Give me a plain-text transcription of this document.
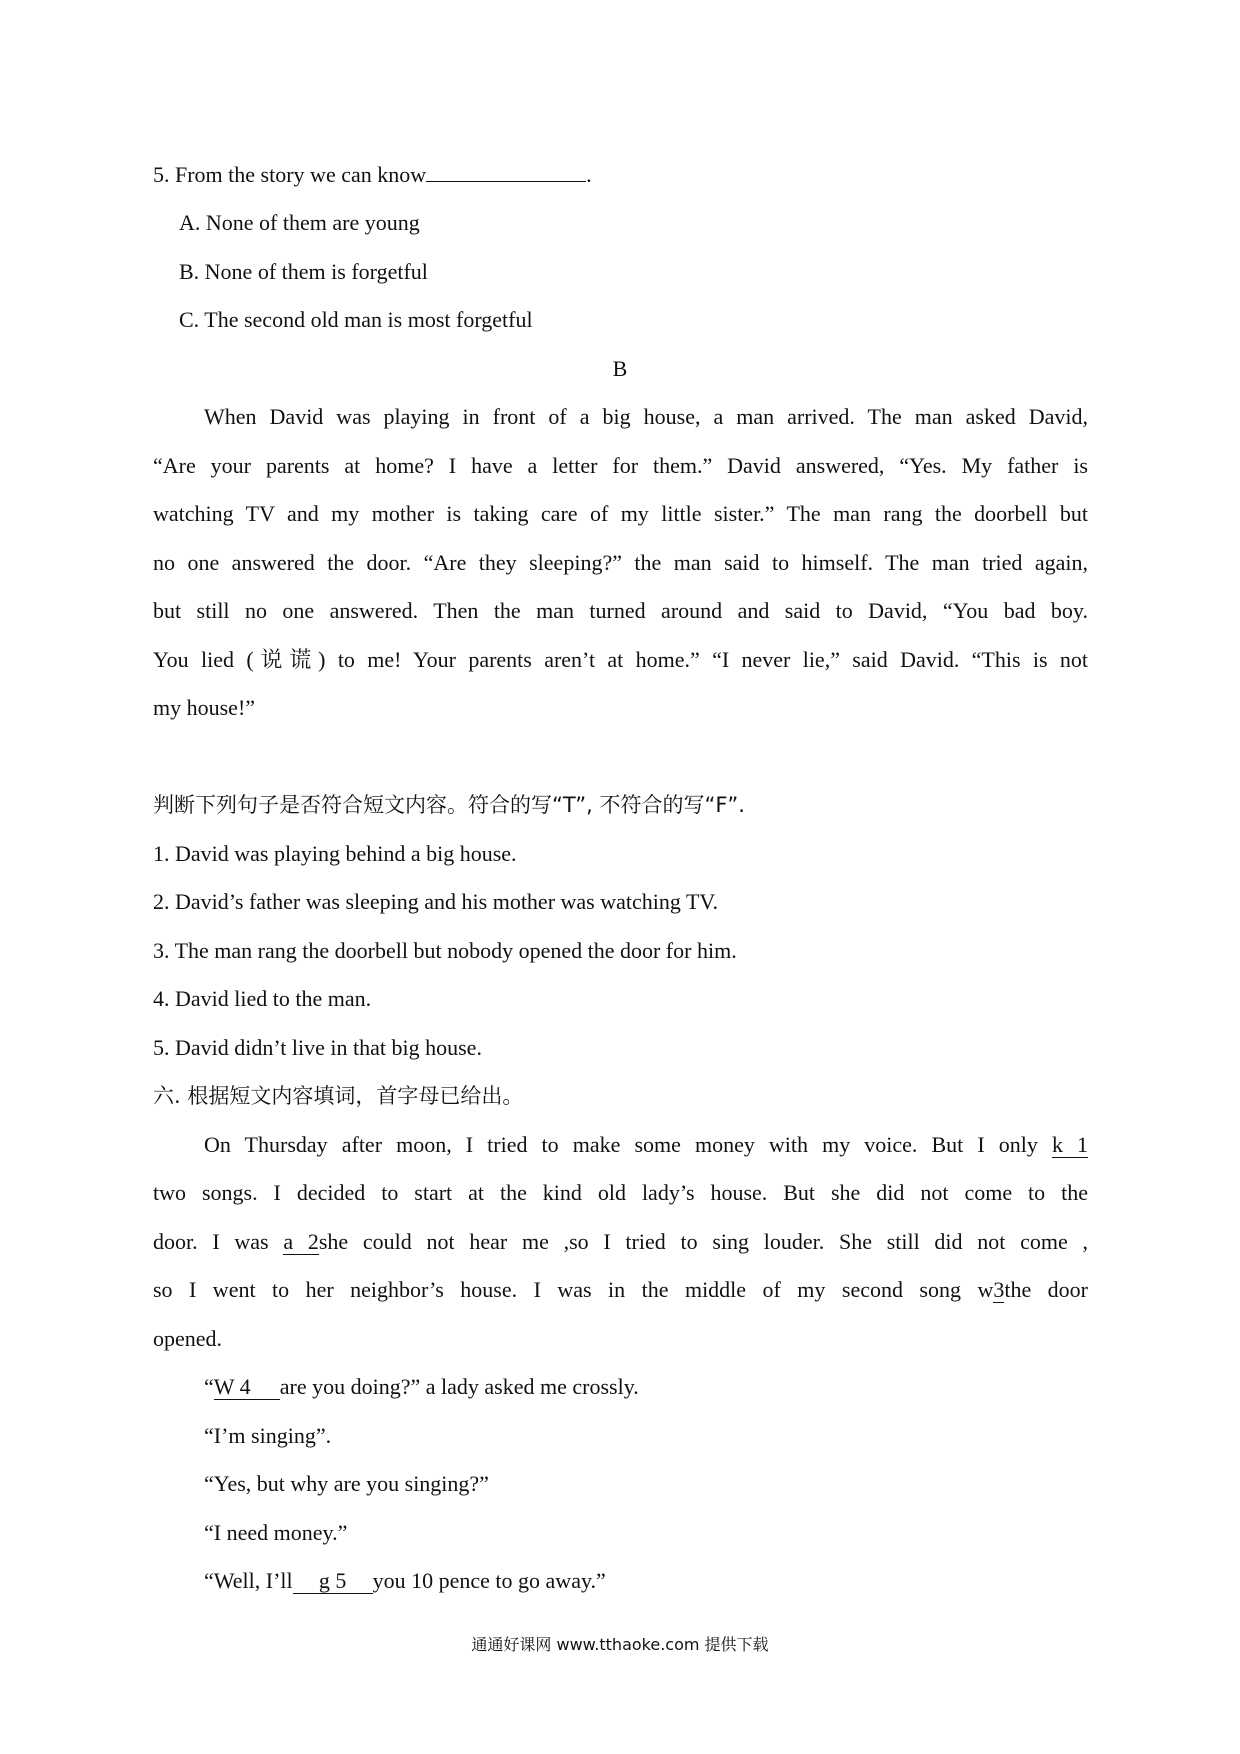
5. From the story we can know	.
A. None of them are young
B. None of them is forgetful
C. The second old man is most forgetful
B
When David was playing in front of a big house, a man arrived. The man asked David,
“Are your parents at home? I have a letter for them.” David answered, “Yes. My father is
watching TV and my mother is taking care of my little sister.” The man rang the doorbell but
no one answered the door. “Are they sleeping?” the man said to himself. The man tried again,
but still no one answered. Then the man turned around and said to David, “You bad boy.
You lied (说谎) to me! Your parents aren’t at home.” “I never lie,” said David. “This is not
my house!”
判断下列句子是否符合短文内容。符合的写“T”, 不符合的写“F”.
1. David was playing behind a big house.
2. David’s father was sleeping and his mother was watching TV.
3. The man rang the doorbell but nobody opened the door for him.
4. David lied to the man.
5. David didn’t live in that big house.
六. 根据短文内容填词，首字母已给出。
On Thursday after moon, I tried to make some money with my voice. But I only k 1
two songs. I decided to start at the kind old lady’s house. But she did not come to the
door. I was a 2she could not hear me ,so I tried to sing louder. She still did not come ,
so I went to her neighbor’s house. I was in the middle of my second song w3the door
opened.
“W 4 are you doing?” a lady asked me crossly.
“I’m singing”.
“Yes, but why are you singing?”
“I need money.”
“Well, I’ll g 5 you 10 pence to go away.”
通通好课网 www.tthaoke.com 提供下载
